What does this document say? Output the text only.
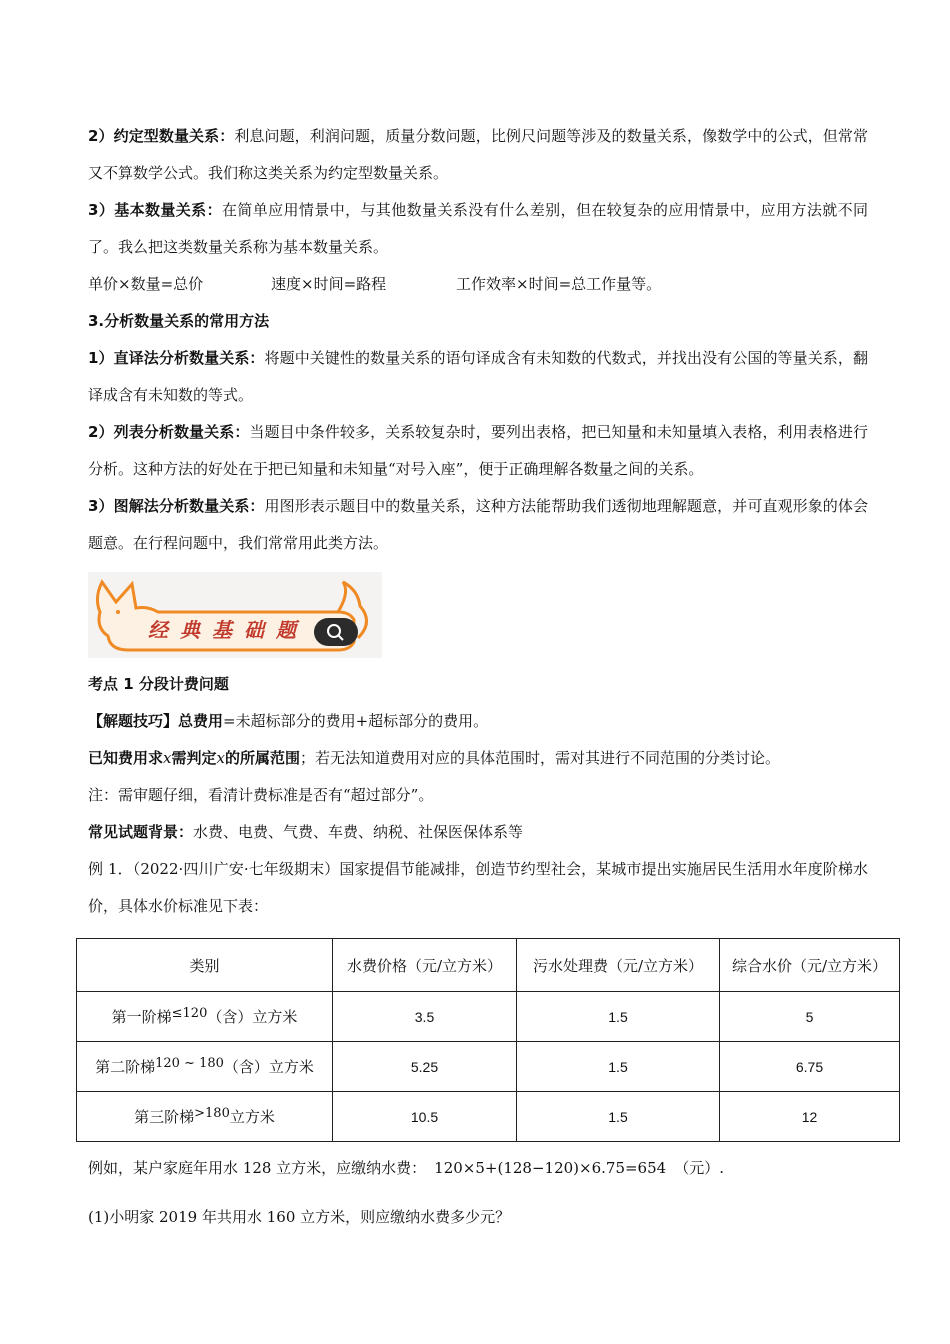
2）约定型数量关系：利息问题，利润问题，质量分数问题，比例尺问题等涉及的数量关系，像数学中的公式，但常常又不算数学公式。我们称这类关系为约定型数量关系。

3）基本数量关系：在简单应用情景中，与其他数量关系没有什么差别，但在较复杂的应用情景中，应用方法就不同了。我么把这类数量关系称为基本数量关系。

单价×数量=总价	速度×时间=路程	工作效率×时间=总工作量等。

3.分析数量关系的常用方法

1）直译法分析数量关系：将题中关键性的数量关系的语句译成含有未知数的代数式，并找出没有公国的等量关系，翻译成含有未知数的等式。

2）列表分析数量关系：当题目中条件较多，关系较复杂时，要列出表格，把已知量和未知量填入表格，利用表格进行分析。这种方法的好处在于把已知量和未知量“对号入座”，便于正确理解各数量之间的关系。

3）图解法分析数量关系：用图形表示题目中的数量关系，这种方法能帮助我们透彻地理解题意，并可直观形象的体会题意。在行程问题中，我们常常用此类方法。

经典基础题

考点 1 分段计费问题

【解题技巧】总费用=未超标部分的费用+超标部分的费用。

已知费用求x需判定x的所属范围；若无法知道费用对应的具体范围时，需对其进行不同范围的分类讨论。

注：需审题仔细，看清计费标准是否有“超过部分”。

常见试题背景：水费、电费、气费、车费、纳税、社保医保体系等

例 1．（2022·四川广安·七年级期末）国家提倡节能减排，创造节约型社会，某城市提出实施居民生活用水年度阶梯水价，具体水价标准见下表：

类别	水费价格（元/立方米）	污水处理费（元/立方米）	综合水价（元/立方米）
第一阶梯≤120（含）立方米	3.5	1.5	5
第二阶梯120 ~ 180（含）立方米	5.25	1.5	6.75
第三阶梯>180立方米	10.5	1.5	12

例如，某户家庭年用水 128 立方米，应缴纳水费： 120×5+(128−120)×6.75=654 （元）.

(1)小明家 2019 年共用水 160 立方米，则应缴纳水费多少元？
